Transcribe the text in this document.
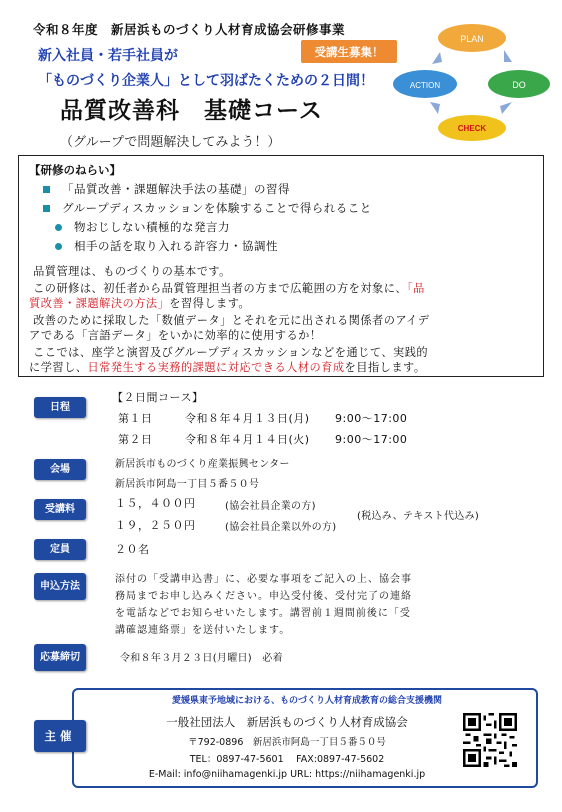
令和８年度　新居浜ものづくり人材育成協会研修事業
受講生募集！
新入社員・若手社員が
「ものづくり企業人」として羽ばたくための２日間！
品質改善科　基礎コース
（グループで問題解決してみよう！）
PLAN
DO
CHECK
ACTION
【研修のねらい】
「品質改善・課題解決手法の基礎」の習得
グループディスカッションを体験することで得られること
物おじしない積極的な発言力
相手の話を取り入れる許容力・協調性
品質管理は、ものづくりの基本です。
この研修は、初任者から品質管理担当者の方まで広範囲の方を対象に、「品
質改善・課題解決の方法」を習得します。
改善のために採取した「数値データ」とそれを元に出される関係者のアイデ
アである「言語データ」をいかに効率的に使用するか！
ここでは、座学と演習及びグループディスカッションなどを通じて、実践的
に学習し、日常発生する実務的課題に対応できる人材の育成を目指します。
日程
【２日間コース】
第１日	令和８年４月１３日(月) 9:00～17:00
第２日	令和８年４月１４日(火) 9:00～17:00
会場	新居浜市ものづくり産業振興センター
新居浜市阿島一丁目５番５０号
受講料	１５，４００円	(協会社員企業の方)
１９，２５０円	(協会社員企業以外の方)
(税込み、テキスト代込み)
定員	２０名
申込 方法
添付の「受講申込書」に、必要な事項をご記入の上、協会事
務局までお申し込みください。申込受付後、受付完了の連絡
を電話などでお知らせいたします。講習前１週間前後に「受
講確認連絡票」を送付いたします。
応募 締切	令和８年３月２３日(月曜日)　必着
愛媛県東予地域における、ものづくり人材育成教育の総合支援機関
一般社団法人　新居浜ものづくり人材育成協会
〒792-0896　新居浜市阿島一丁目５番５０号
TEL：0897-47-5601　 FAX:0897-47-5602
E-Mail: info@niihamagenki.jp URL: https://niihamagenki.jp
主催
